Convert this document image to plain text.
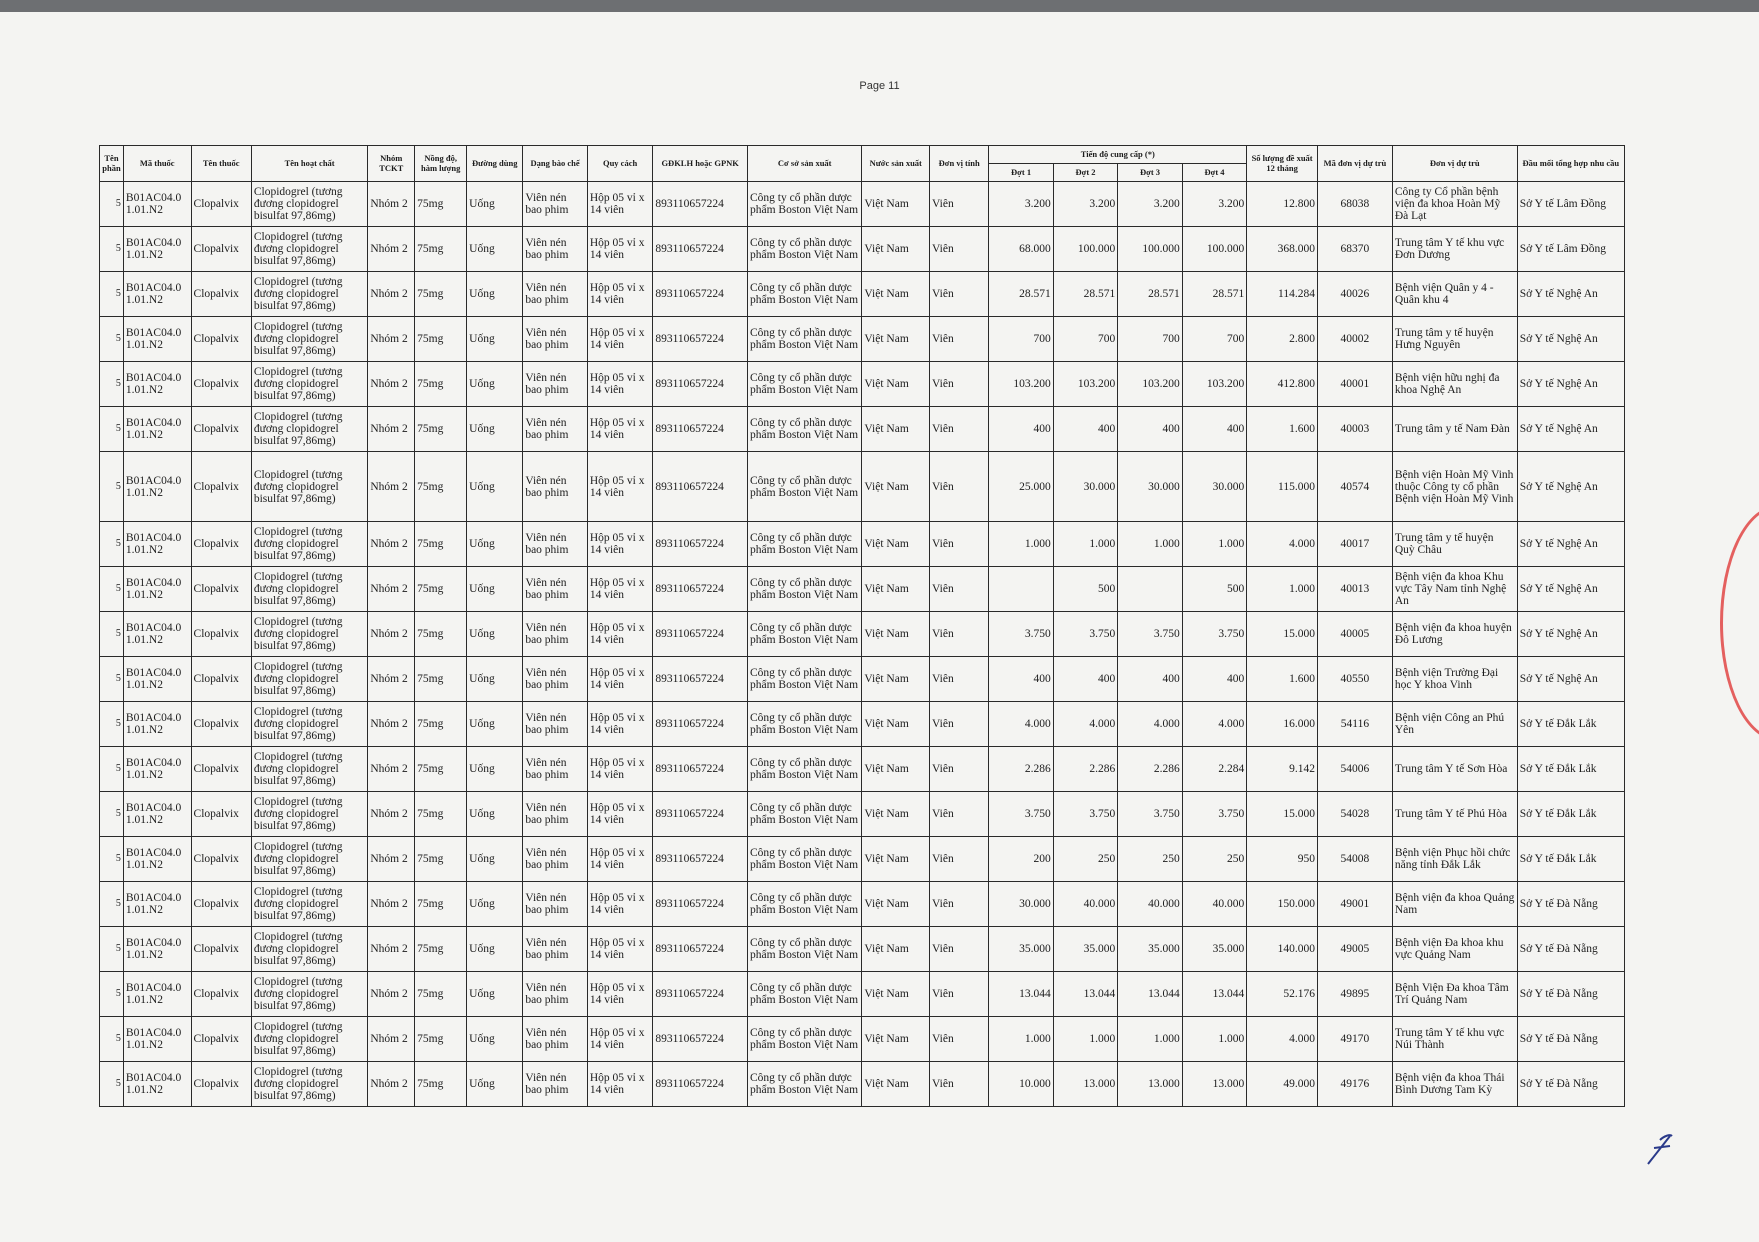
Page 11
Tên phần	Mã thuốc	Tên thuốc	Tên hoạt chất	Nhóm TCKT	Nồng độ, hàm lượng	Đường dùng	Dạng bào chế	Quy cách	GĐKLH hoặc GPNK	Cơ sở sản xuất	Nước sản xuất	Đơn vị tính	Tiến độ cung cấp (*)				Số lượng đề xuất 12 tháng	Mã đơn vị dự trù	Đơn vị dự trù	Đầu mối tổng hợp nhu cầu
													Đợt 1	Đợt 2	Đợt 3	Đợt 4				
5	B01AC04.0 1.01.N2	Clopalvix	Clopidogrel (tương đương clopidogrel bisulfat 97,86mg)	Nhóm 2	75mg	Uống	Viên nén bao phim	Hộp 05 vỉ x 14 viên	893110657224	Công ty cổ phần dược phẩm Boston Việt Nam	Việt Nam	Viên	3.200	3.200	3.200	3.200	12.800	68038	Công ty Cổ phần bệnh viện đa khoa Hoàn Mỹ Đà Lạt	Sở Y tế Lâm Đồng
5	B01AC04.0 1.01.N2	Clopalvix	Clopidogrel (tương đương clopidogrel bisulfat 97,86mg)	Nhóm 2	75mg	Uống	Viên nén bao phim	Hộp 05 vỉ x 14 viên	893110657224	Công ty cổ phần dược phẩm Boston Việt Nam	Việt Nam	Viên	68.000	100.000	100.000	100.000	368.000	68370	Trung tâm Y tế khu vực Đơn Dương	Sở Y tế Lâm Đồng
5	B01AC04.0 1.01.N2	Clopalvix	Clopidogrel (tương đương clopidogrel bisulfat 97,86mg)	Nhóm 2	75mg	Uống	Viên nén bao phim	Hộp 05 vỉ x 14 viên	893110657224	Công ty cổ phần dược phẩm Boston Việt Nam	Việt Nam	Viên	28.571	28.571	28.571	28.571	114.284	40026	Bệnh viện Quân y 4 - Quân khu 4	Sở Y tế Nghệ An
5	B01AC04.0 1.01.N2	Clopalvix	Clopidogrel (tương đương clopidogrel bisulfat 97,86mg)	Nhóm 2	75mg	Uống	Viên nén bao phim	Hộp 05 vỉ x 14 viên	893110657224	Công ty cổ phần dược phẩm Boston Việt Nam	Việt Nam	Viên	700	700	700	700	2.800	40002	Trung tâm y tế huyện Hưng Nguyên	Sở Y tế Nghệ An
5	B01AC04.0 1.01.N2	Clopalvix	Clopidogrel (tương đương clopidogrel bisulfat 97,86mg)	Nhóm 2	75mg	Uống	Viên nén bao phim	Hộp 05 vỉ x 14 viên	893110657224	Công ty cổ phần dược phẩm Boston Việt Nam	Việt Nam	Viên	103.200	103.200	103.200	103.200	412.800	40001	Bệnh viện hữu nghị đa khoa Nghệ An	Sở Y tế Nghệ An
5	B01AC04.0 1.01.N2	Clopalvix	Clopidogrel (tương đương clopidogrel bisulfat 97,86mg)	Nhóm 2	75mg	Uống	Viên nén bao phim	Hộp 05 vỉ x 14 viên	893110657224	Công ty cổ phần dược phẩm Boston Việt Nam	Việt Nam	Viên	400	400	400	400	1.600	40003	Trung tâm y tế Nam Đàn	Sở Y tế Nghệ An
5	B01AC04.0 1.01.N2	Clopalvix	Clopidogrel (tương đương clopidogrel bisulfat 97,86mg)	Nhóm 2	75mg	Uống	Viên nén bao phim	Hộp 05 vỉ x 14 viên	893110657224	Công ty cổ phần dược phẩm Boston Việt Nam	Việt Nam	Viên	25.000	30.000	30.000	30.000	115.000	40574	Bệnh viện Hoàn Mỹ Vinh thuộc Công ty cổ phần Bệnh viện Hoàn Mỹ Vinh	Sở Y tế Nghệ An
5	B01AC04.0 1.01.N2	Clopalvix	Clopidogrel (tương đương clopidogrel bisulfat 97,86mg)	Nhóm 2	75mg	Uống	Viên nén bao phim	Hộp 05 vỉ x 14 viên	893110657224	Công ty cổ phần dược phẩm Boston Việt Nam	Việt Nam	Viên	1.000	1.000	1.000	1.000	4.000	40017	Trung tâm y tế huyện Quỳ Châu	Sở Y tế Nghệ An
5	B01AC04.0 1.01.N2	Clopalvix	Clopidogrel (tương đương clopidogrel bisulfat 97,86mg)	Nhóm 2	75mg	Uống	Viên nén bao phim	Hộp 05 vỉ x 14 viên	893110657224	Công ty cổ phần dược phẩm Boston Việt Nam	Việt Nam	Viên		500		500	1.000	40013	Bệnh viện đa khoa Khu vực Tây Nam tỉnh Nghệ An	Sở Y tế Nghệ An
5	B01AC04.0 1.01.N2	Clopalvix	Clopidogrel (tương đương clopidogrel bisulfat 97,86mg)	Nhóm 2	75mg	Uống	Viên nén bao phim	Hộp 05 vỉ x 14 viên	893110657224	Công ty cổ phần dược phẩm Boston Việt Nam	Việt Nam	Viên	3.750	3.750	3.750	3.750	15.000	40005	Bệnh viện đa khoa huyện Đô Lương	Sở Y tế Nghệ An
5	B01AC04.0 1.01.N2	Clopalvix	Clopidogrel (tương đương clopidogrel bisulfat 97,86mg)	Nhóm 2	75mg	Uống	Viên nén bao phim	Hộp 05 vỉ x 14 viên	893110657224	Công ty cổ phần dược phẩm Boston Việt Nam	Việt Nam	Viên	400	400	400	400	1.600	40550	Bệnh viện Trường Đại học Y khoa Vinh	Sở Y tế Nghệ An
5	B01AC04.0 1.01.N2	Clopalvix	Clopidogrel (tương đương clopidogrel bisulfat 97,86mg)	Nhóm 2	75mg	Uống	Viên nén bao phim	Hộp 05 vỉ x 14 viên	893110657224	Công ty cổ phần dược phẩm Boston Việt Nam	Việt Nam	Viên	4.000	4.000	4.000	4.000	16.000	54116	Bệnh viện Công an Phú Yên	Sở Y tế Đắk Lắk
5	B01AC04.0 1.01.N2	Clopalvix	Clopidogrel (tương đương clopidogrel bisulfat 97,86mg)	Nhóm 2	75mg	Uống	Viên nén bao phim	Hộp 05 vỉ x 14 viên	893110657224	Công ty cổ phần dược phẩm Boston Việt Nam	Việt Nam	Viên	2.286	2.286	2.286	2.284	9.142	54006	Trung tâm Y tế Sơn Hòa	Sở Y tế Đắk Lắk
5	B01AC04.0 1.01.N2	Clopalvix	Clopidogrel (tương đương clopidogrel bisulfat 97,86mg)	Nhóm 2	75mg	Uống	Viên nén bao phim	Hộp 05 vỉ x 14 viên	893110657224	Công ty cổ phần dược phẩm Boston Việt Nam	Việt Nam	Viên	3.750	3.750	3.750	3.750	15.000	54028	Trung tâm Y tế Phú Hòa	Sở Y tế Đắk Lắk
5	B01AC04.0 1.01.N2	Clopalvix	Clopidogrel (tương đương clopidogrel bisulfat 97,86mg)	Nhóm 2	75mg	Uống	Viên nén bao phim	Hộp 05 vỉ x 14 viên	893110657224	Công ty cổ phần dược phẩm Boston Việt Nam	Việt Nam	Viên	200	250	250	250	950	54008	Bệnh viện Phục hồi chức năng tỉnh Đắk Lắk	Sở Y tế Đắk Lắk
5	B01AC04.0 1.01.N2	Clopalvix	Clopidogrel (tương đương clopidogrel bisulfat 97,86mg)	Nhóm 2	75mg	Uống	Viên nén bao phim	Hộp 05 vỉ x 14 viên	893110657224	Công ty cổ phần dược phẩm Boston Việt Nam	Việt Nam	Viên	30.000	40.000	40.000	40.000	150.000	49001	Bệnh viện đa khoa Quảng Nam	Sở Y tế Đà Nẵng
5	B01AC04.0 1.01.N2	Clopalvix	Clopidogrel (tương đương clopidogrel bisulfat 97,86mg)	Nhóm 2	75mg	Uống	Viên nén bao phim	Hộp 05 vỉ x 14 viên	893110657224	Công ty cổ phần dược phẩm Boston Việt Nam	Việt Nam	Viên	35.000	35.000	35.000	35.000	140.000	49005	Bệnh viện Đa khoa khu vực Quảng Nam	Sở Y tế Đà Nẵng
5	B01AC04.0 1.01.N2	Clopalvix	Clopidogrel (tương đương clopidogrel bisulfat 97,86mg)	Nhóm 2	75mg	Uống	Viên nén bao phim	Hộp 05 vỉ x 14 viên	893110657224	Công ty cổ phần dược phẩm Boston Việt Nam	Việt Nam	Viên	13.044	13.044	13.044	13.044	52.176	49895	Bệnh Viện Đa khoa Tâm Trí Quảng Nam	Sở Y tế Đà Nẵng
5	B01AC04.0 1.01.N2	Clopalvix	Clopidogrel (tương đương clopidogrel bisulfat 97,86mg)	Nhóm 2	75mg	Uống	Viên nén bao phim	Hộp 05 vỉ x 14 viên	893110657224	Công ty cổ phần dược phẩm Boston Việt Nam	Việt Nam	Viên	1.000	1.000	1.000	1.000	4.000	49170	Trung tâm Y tế khu vực Núi Thành	Sở Y tế Đà Nẵng
5	B01AC04.0 1.01.N2	Clopalvix	Clopidogrel (tương đương clopidogrel bisulfat 97,86mg)	Nhóm 2	75mg	Uống	Viên nén bao phim	Hộp 05 vỉ x 14 viên	893110657224	Công ty cổ phần dược phẩm Boston Việt Nam	Việt Nam	Viên	10.000	13.000	13.000	13.000	49.000	49176	Bệnh viện đa khoa Thái Bình Dương Tam Kỳ	Sở Y tế Đà Nẵng
